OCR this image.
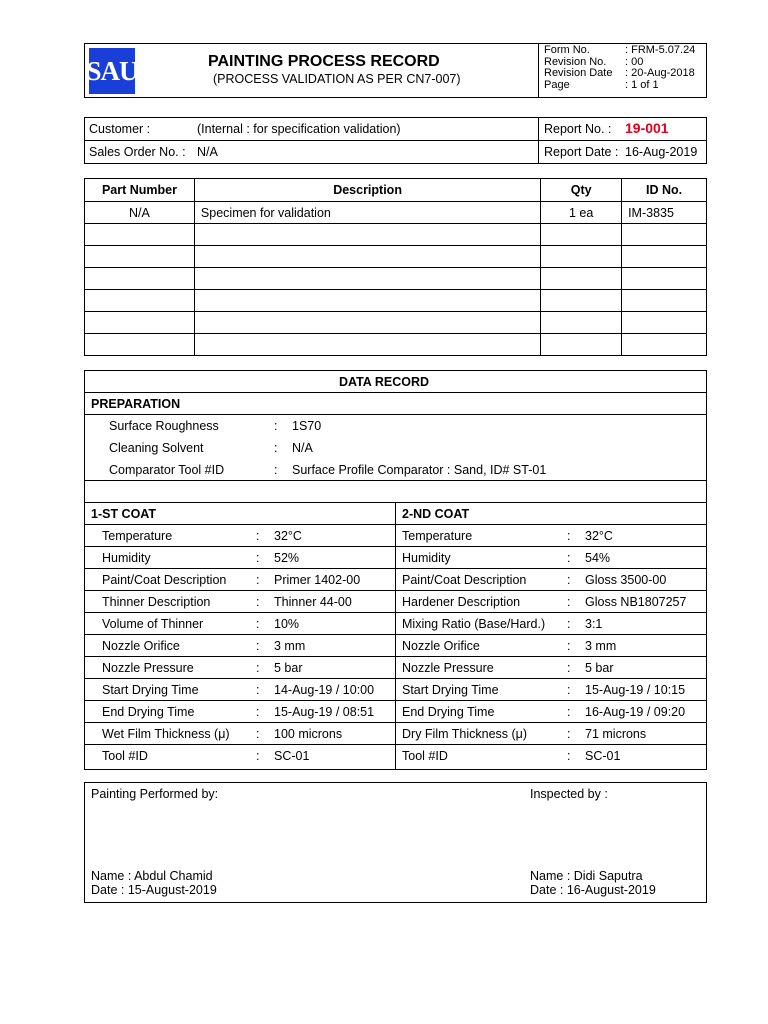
SAU	PAINTING PROCESS RECORD
(PROCESS VALIDATION AS PER CN7-007)
Form No.	: FRM-5.07.24
Revision No. : 00
Revision Date : 20-Aug-2018
Page	: 1 of 1
Customer :	(Internal : for specification validation)
Sales Order No. : N/A
Report No. : 19-001
Report Date : 16-Aug-2019
Part Number	Description	Qty	ID No.
N/A	Specimen for validation	1 ea	IM-3835

DATA RECORD
PREPARATION
Surface Roughness	: 1S70
Cleaning Solvent	: N/A
Comparator Tool #ID	: Surface Profile Comparator : Sand, ID# ST-01
1-ST COAT	2-ND COAT
Temperature	: 32°C	Temperature	: 32°C
Humidity	: 52%	Humidity	: 54%
Paint/Coat Description : Primer 1402-00	Paint/Coat Description	: Gloss 3500-00
Thinner Description	: Thinner 44-00	Hardener Description	: Gloss NB1807257
Volume of Thinner	: 10%	Mixing Ratio (Base/Hard.) : 3:1
Nozzle Orifice	: 3 mm	Nozzle Orifice	: 3 mm
Nozzle Pressure	: 5 bar	Nozzle Pressure	: 5 bar
Start Drying Time	: 14-Aug-19 / 10:00 Start Drying Time	: 15-Aug-19 / 10:15
End Drying Time	: 15-Aug-19 / 08:51 End Drying Time	: 16-Aug-19 / 09:20
Wet Film Thickness (μ) : 100 microns	Dry Film Thickness (μ)	: 71 microns
Tool #ID	: SC-01	Tool #ID	: SC-01
Painting Performed by:
Name : Abdul Chamid
Date : 15-August-2019
Inspected by :
Name : Didi Saputra
Date : 16-August-2019
